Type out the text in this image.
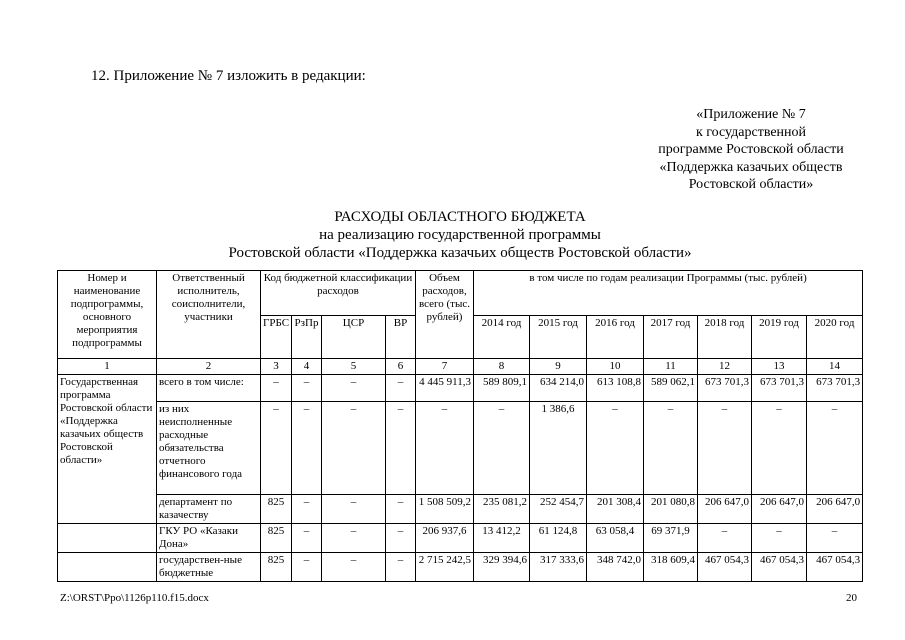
12. Приложение № 7 изложить в редакции:
«Приложение № 7
к государственной
программе Ростовской области
«Поддержка казачьих обществ
Ростовской области»
РАСХОДЫ ОБЛАСТНОГО БЮДЖЕТА
на реализацию государственной программы
Ростовской области «Поддержка казачьих обществ Ростовской области»
Номер и наименование подпрограммы, основного мероприятия подпрограммы	Ответственный исполнитель, соисполнители, участники	Код бюджетной классификации расходов				Объем расходов, всего (тыс. рублей)	в том числе по годам реализации Программы (тыс. рублей)						
		ГРБС	РзПр	ЦСР	ВР		2014 год	2015 год	2016 год	2017 год	2018 год	2019 год	2020 год
1	2	3	4	5	6	7	8	9	10	11	12	13	14
Государственная программа Ростовской области «Поддержка казачьих обществ Ростовской области»	всего в том числе:	–	–	–	–	4 445 911,3	589 809,1	634 214,0	613 108,8	589 062,1	673 701,3	673 701,3	673 701,3
	из них неисполненные расходные обязательства отчетного финансового года	–	–	–	–	–	–	1 386,6	–	–	–	–	–
	департамент по казачеству	825	–	–	–	1 508 509,2	235 081,2	252 454,7	201 308,4	201 080,8	206 647,0	206 647,0	206 647,0
	ГКУ РО «Казаки Дона»	825	–	–	–	206 937,6	13 412,2	61 124,8	63 058,4	69 371,9	–	–	–
	государствен-ные бюджетные	825	–	–	–	2 715 242,5	329 394,6	317 333,6	348 742,0	318 609,4	467 054,3	467 054,3	467 054,3
Z:\ORST\Ppo\1126p110.f15.docx	20
